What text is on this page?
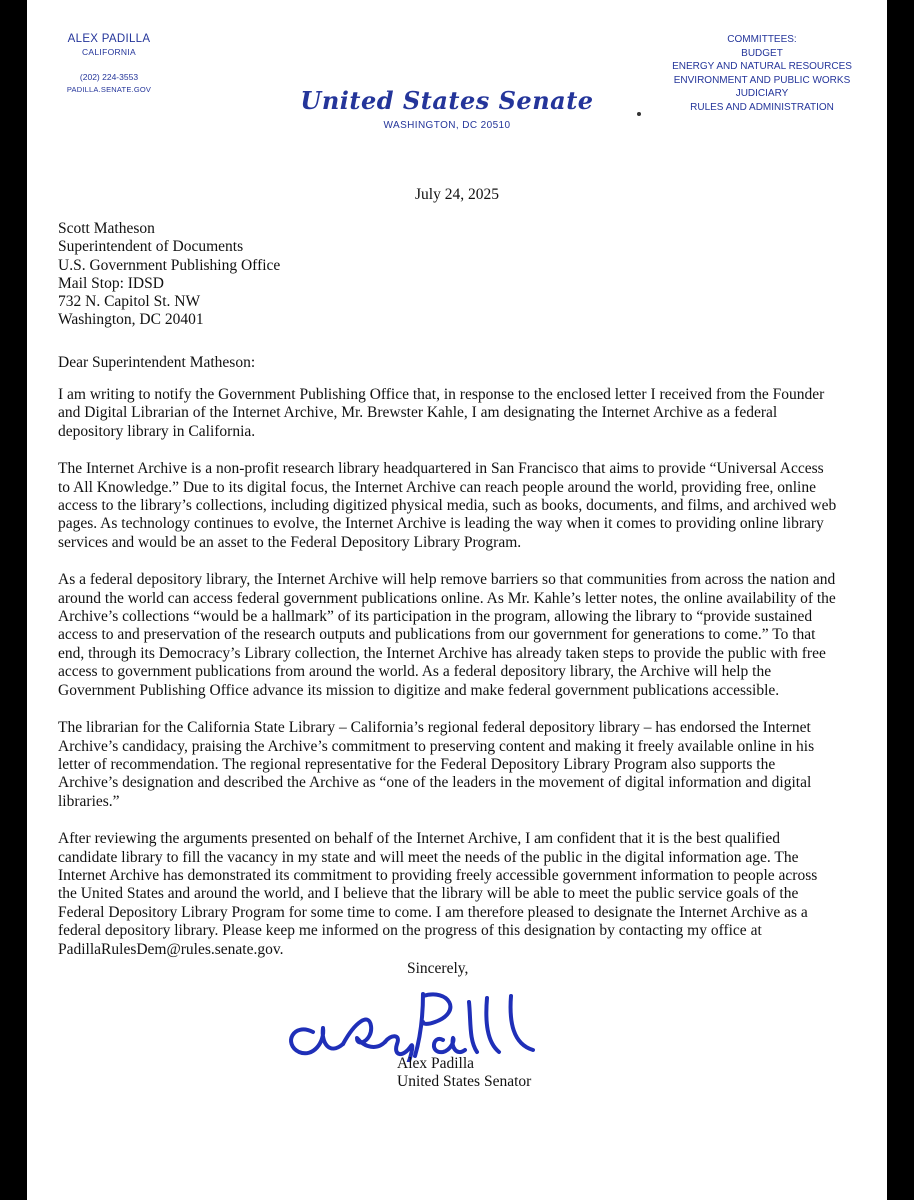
ALEX PADILLA
CALIFORNIA
(202) 224-3553
PADILLA.SENATE.GOV	United States Senate
WASHINGTON, DC 20510
COMMITTEES:
BUDGET
ENERGY AND NATURAL RESOURCES
ENVIRONMENT AND PUBLIC WORKS
JUDICIARY
RULES AND ADMINISTRATION
July 24, 2025
Scott Matheson
Superintendent of Documents
U.S. Government Publishing Office
Mail Stop: IDSD
732 N. Capitol St. NW
Washington, DC 20401
Dear Superintendent Matheson:

I am writing to notify the Government Publishing Office that, in response to the enclosed letter I received from the Founder and Digital Librarian of the Internet Archive, Mr. Brewster Kahle, I am designating the Internet Archive as a federal depository library in California.

The Internet Archive is a non-profit research library headquartered in San Francisco that aims to provide “Universal Access to All Knowledge.” Due to its digital focus, the Internet Archive can reach people around the world, providing free, online access to the library’s collections, including digitized physical media, such as books, documents, and films, and archived web pages. As technology continues to evolve, the Internet Archive is leading the way when it comes to providing online library services and would be an asset to the Federal Depository Library Program.

As a federal depository library, the Internet Archive will help remove barriers so that communities from across the nation and around the world can access federal government publications online. As Mr. Kahle’s letter notes, the online availability of the Archive’s collections “would be a hallmark” of its participation in the program, allowing the library to “provide sustained access to and preservation of the research outputs and publications from our government for generations to come.” To that end, through its Democracy’s Library collection, the Internet Archive has already taken steps to provide the public with free access to government publications from around the world. As a federal depository library, the Archive will help the Government Publishing Office advance its mission to digitize and make federal government publications accessible.

The librarian for the California State Library – California’s regional federal depository library – has endorsed the Internet Archive’s candidacy, praising the Archive’s commitment to preserving content and making it freely available online in his letter of recommendation. The regional representative for the Federal Depository Library Program also supports the Archive’s designation and described the Archive as “one of the leaders in the movement of digital information and digital libraries.”

After reviewing the arguments presented on behalf of the Internet Archive, I am confident that it is the best qualified candidate library to fill the vacancy in my state and will meet the needs of the public in the digital information age. The Internet Archive has demonstrated its commitment to providing freely accessible government information to people across the United States and around the world, and I believe that the library will be able to meet the public service goals of the Federal Depository Library Program for some time to come. I am therefore pleased to designate the Internet Archive as a federal depository library. Please keep me informed on the progress of this designation by contacting my office at PadillaRulesDem@rules.senate.gov.

Sincerely,
Alex Padilla
United States Senator
